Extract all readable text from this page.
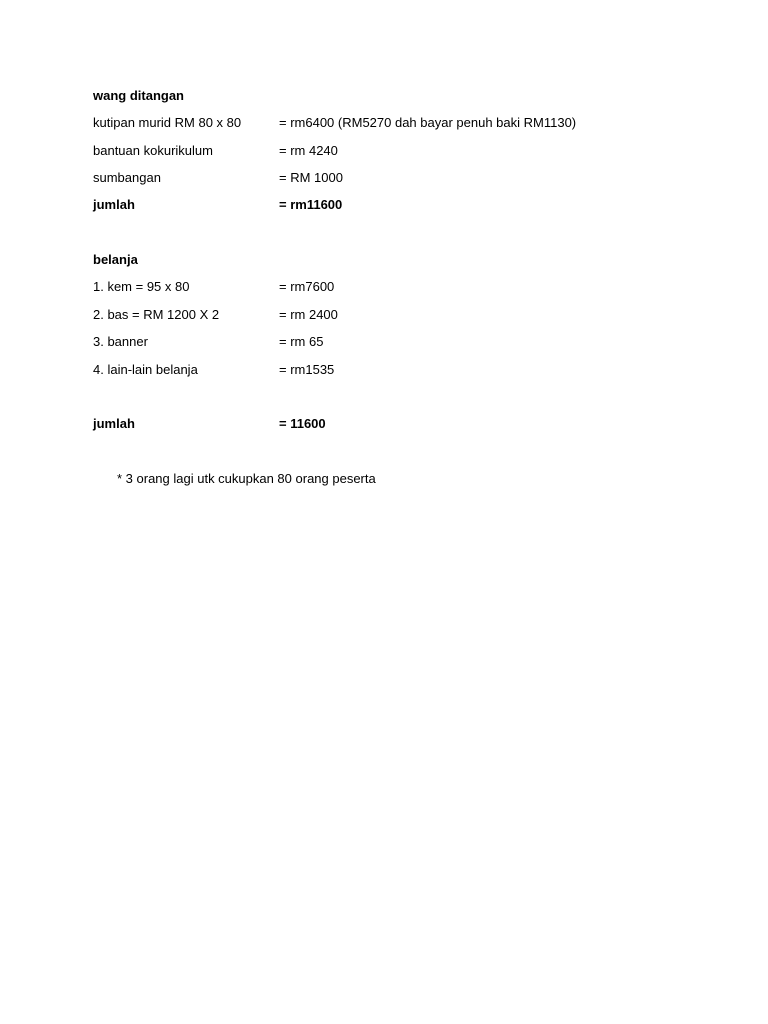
wang ditangan
kutipan murid RM 80 x 80	= rm6400 (RM5270 dah bayar penuh baki RM1130)
bantuan kokurikulum	= rm 4240
sumbangan	= RM 1000
jumlah	= rm11600
belanja
1. kem = 95 x 80	= rm7600
2. bas = RM 1200 X 2	= rm 2400
3. banner	= rm 65
4. lain-lain belanja	= rm1535
jumlah	= 11600
* 3 orang lagi utk cukupkan 80 orang peserta
